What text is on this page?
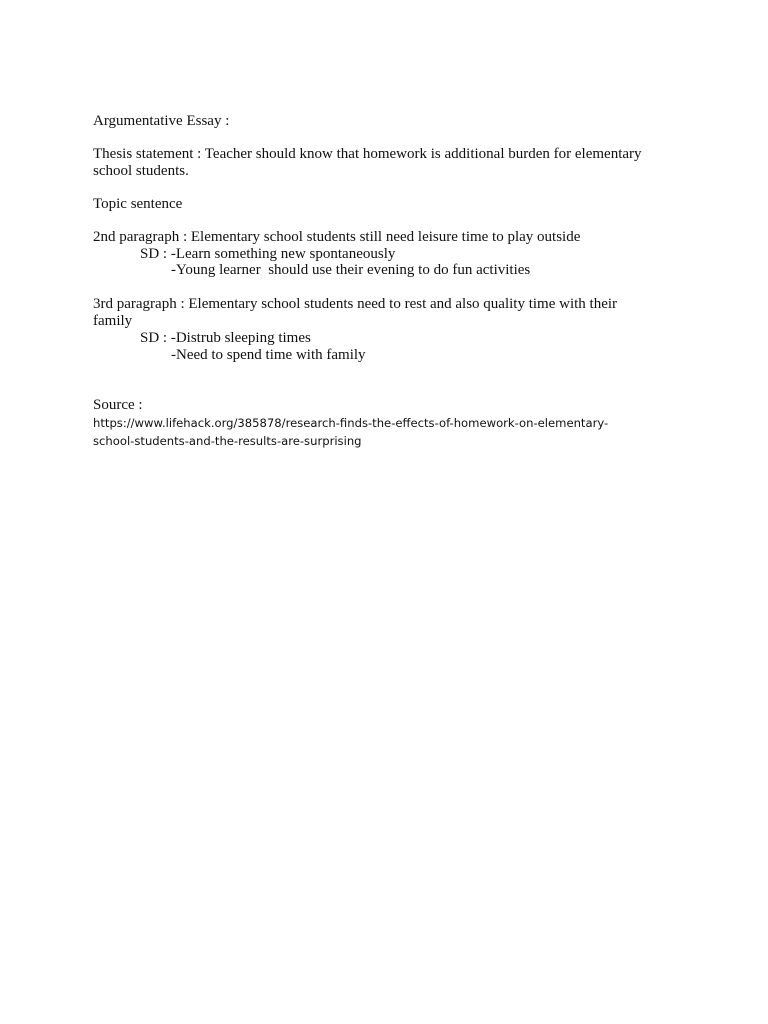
Argumentative Essay :
Thesis statement : Teacher should know that homework is additional burden for elementary
school students.
Topic sentence
2nd paragraph : Elementary school students still need leisure time to play outside
SD : -Learn something new spontaneously
-Young learner  should use their evening to do fun activities
3rd paragraph : Elementary school students need to rest and also quality time with their
family
SD : -Distrub sleeping times
-Need to spend time with family
Source :
https://www.lifehack.org/385878/research-finds-the-effects-of-homework-on-elementary-
school-students-and-the-results-are-surprising
